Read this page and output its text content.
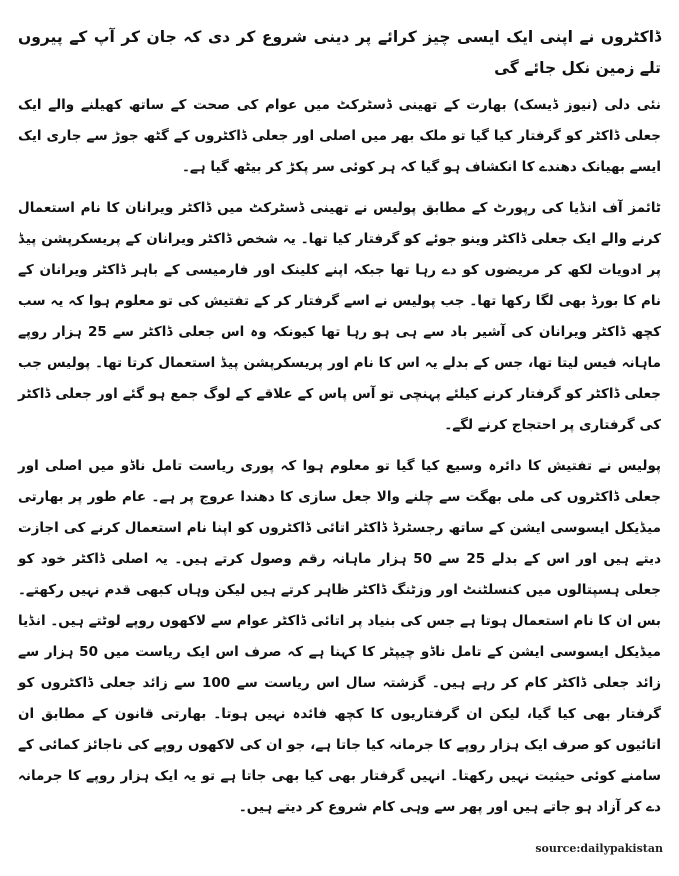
ڈاکٹروں نے اپنی ایک ایسی چیز کرائے پر دینی شروع کر دی کہ جان کر آپ کے پیروں تلے زمین نکل جائے گی

نئی دلی (نیوز ڈیسک) بھارت کے تھینی ڈسٹرکٹ میں عوام کی صحت کے ساتھ کھیلنے والے ایک جعلی ڈاکٹر کو گرفتار کیا گیا تو ملک بھر میں اصلی اور جعلی ڈاکٹروں کے گٹھ جوڑ سے جاری ایک ایسے بھیانک دھندے کا انکشاف ہو گیا کہ ہر کوئی سر پکڑ کر بیٹھ گیا ہے۔

ٹائمز آف انڈیا کی رپورٹ کے مطابق پولیس نے تھینی ڈسٹرکٹ میں ڈاکٹر ویرانان کا نام استعمال کرنے والے ایک جعلی ڈاکٹر وینو جوئے کو گرفتار کیا تھا۔ یہ شخص ڈاکٹر ویرانان کے پریسکرپشن پیڈ پر ادویات لکھ کر مریضوں کو دے رہا تھا جبکہ اپنے کلینک اور فارمیسی کے باہر ڈاکٹر ویرانان کے نام کا بورڈ بھی لگا رکھا تھا۔ جب پولیس نے اسے گرفتار کر کے تفتیش کی تو معلوم ہوا کہ یہ سب کچھ ڈاکٹر ویرانان کی آشیر باد سے ہی ہو رہا تھا کیونکہ وہ اس جعلی ڈاکٹر سے 25 ہزار روپے ماہانہ فیس لیتا تھا، جس کے بدلے یہ اس کا نام اور پریسکرپشن پیڈ استعمال کرتا تھا۔ پولیس جب جعلی ڈاکٹر کو گرفتار کرنے کیلئے پہنچی تو آس پاس کے علاقے کے لوگ جمع ہو گئے اور جعلی ڈاکٹر کی گرفتاری پر احتجاج کرنے لگے۔

پولیس نے تفتیش کا دائرہ وسیع کیا گیا تو معلوم ہوا کہ پوری ریاست تامل ناڈو میں اصلی اور جعلی ڈاکٹروں کی ملی بھگت سے چلنے والا جعل سازی کا دھندا عروج پر ہے۔ عام طور پر بھارتی میڈیکل ایسوسی ایشن کے ساتھ رجسٹرڈ ڈاکٹر اتائی ڈاکٹروں کو اپنا نام استعمال کرنے کی اجازت دیتے ہیں اور اس کے بدلے 25 سے 50 ہزار ماہانہ رقم وصول کرتے ہیں۔ یہ اصلی ڈاکٹر خود کو جعلی ہسپتالوں میں کنسلٹنٹ اور وزٹنگ ڈاکٹر ظاہر کرتے ہیں لیکن وہاں کبھی قدم نہیں رکھتے۔ بس ان کا نام استعمال ہوتا ہے جس کی بنیاد پر اتائی ڈاکٹر عوام سے لاکھوں روپے لوٹتے ہیں۔ انڈیا میڈیکل ایسوسی ایشن کے تامل ناڈو چیپٹر کا کہنا ہے کہ صرف اس ایک ریاست میں 50 ہزار سے زائد جعلی ڈاکٹر کام کر رہے ہیں۔ گزشتہ سال اس ریاست سے 100 سے زائد جعلی ڈاکٹروں کو گرفتار بھی کیا گیا، لیکن ان گرفتاریوں کا کچھ فائدہ نہیں ہوتا۔ بھارتی قانون کے مطابق ان اتائیوں کو صرف ایک ہزار روپے کا جرمانہ کیا جاتا ہے، جو ان کی لاکھوں روپے کی ناجائز کمائی کے سامنے کوئی حیثیت نہیں رکھتا۔ انہیں گرفتار بھی کیا بھی جاتا ہے تو یہ ایک ہزار روپے کا جرمانہ دے کر آزاد ہو جاتے ہیں اور پھر سے وہی کام شروع کر دیتے ہیں۔

source:dailypakistan
